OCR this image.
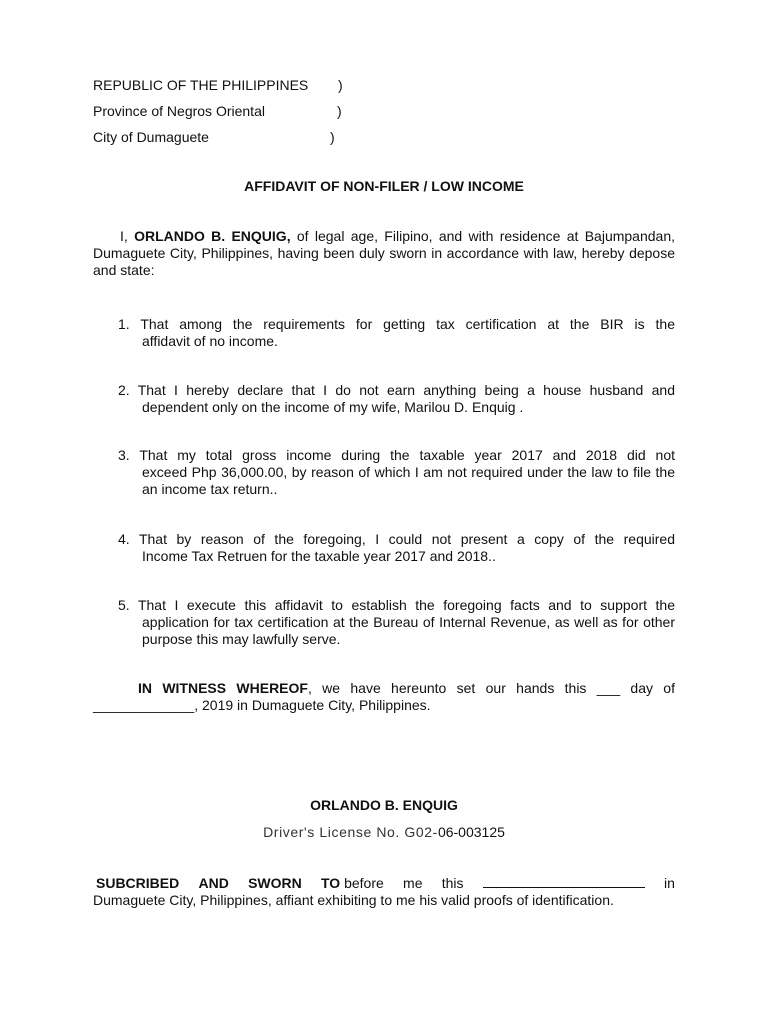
REPUBLIC OF THE PHILIPPINES )
Province of Negros Oriental	)
City of Dumaguete	)
AFFIDAVIT OF NON-FILER / LOW INCOME
I, ORLANDO B. ENQUIG, of legal age, Filipino, and with residence at Bajumpandan, Dumaguete City, Philippines, having been duly sworn in accordance with law, hereby depose and state:
1. That among the requirements for getting tax certification at the BIR is the
affidavit of no income.
2. That I hereby declare that I do not earn anything being a house husband and
dependent only on the income of my wife, Marilou D. Enquig .
3. That my total gross income during the taxable year 2017 and 2018 did not
exceed Php 36,000.00, by reason of which I am not required under the law to file the an income tax return..
4. That by reason of the foregoing, I could not present a copy of the required
Income Tax Retruen for the taxable year 2017 and 2018..
5. That I execute this affidavit to establish the foregoing facts and to support the
application for tax certification at the Bureau of Internal Revenue, as well as for other purpose this may lawfully serve.
IN WITNESS WHEREOF, we have hereunto set our hands this ___ day of _____________, 2019 in Dumaguete City, Philippines.
ORLANDO B. ENQUIG
Driver's License No. G02-06-003125
SUBCRIBED AND SWORN TO before me this	in
Dumaguete City, Philippines, affiant exhibiting to me his valid proofs of identification.
